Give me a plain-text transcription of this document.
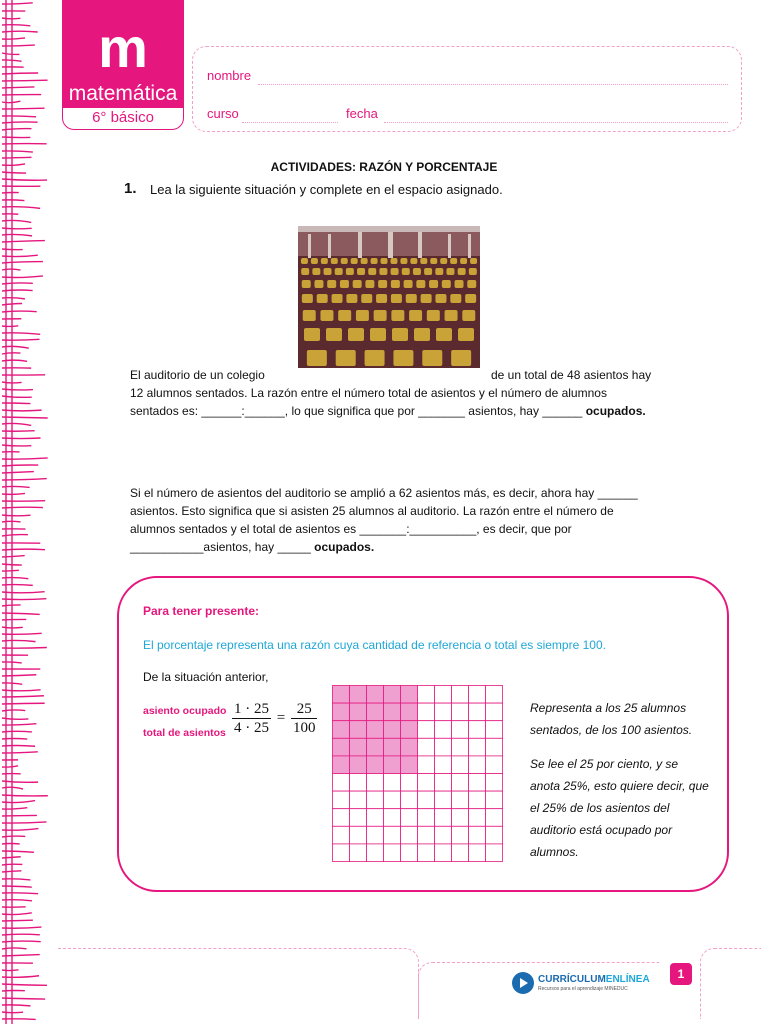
m
matemática
6° básico
nombre
curso	fecha
ACTIVIDADES: RAZÓN Y PORCENTAJE
1. Lea la siguiente situación y complete en el espacio asignado.
El auditorio de un colegio	de un total de 48 asientos hay
12 alumnos sentados. La razón entre el número total de asientos y el número de alumnos
sentados es: ______:______, lo que significa que por _______ asientos, hay ______ ocupados.
Si el número de asientos del auditorio se amplió a 62 asientos más, es decir, ahora hay ______
asientos. Esto significa que si asisten 25 alumnos al auditorio. La razón entre el número de
alumnos sentados y el total de asientos es _______:__________, es decir, que por
___________asientos, hay _____ ocupados.
Para tener presente:
El porcentaje representa una razón cuya cantidad de referencia o total es siempre 100.
De la situación anterior,
asiento ocupado
total de asientos $\frac{1 \cdot 25}{4 \cdot 25} = \frac{25}{100}$	Representa a los 25 alumnos sentados, de los 100 asientos.

Se lee el 25 por ciento, y se anota 25%, esto quiere decir, que el 25% de los asientos del auditorio está ocupado por alumnos.

1
CURRÍCULUMENLÍNEA
Recursos para el aprendizaje MINEDUC
